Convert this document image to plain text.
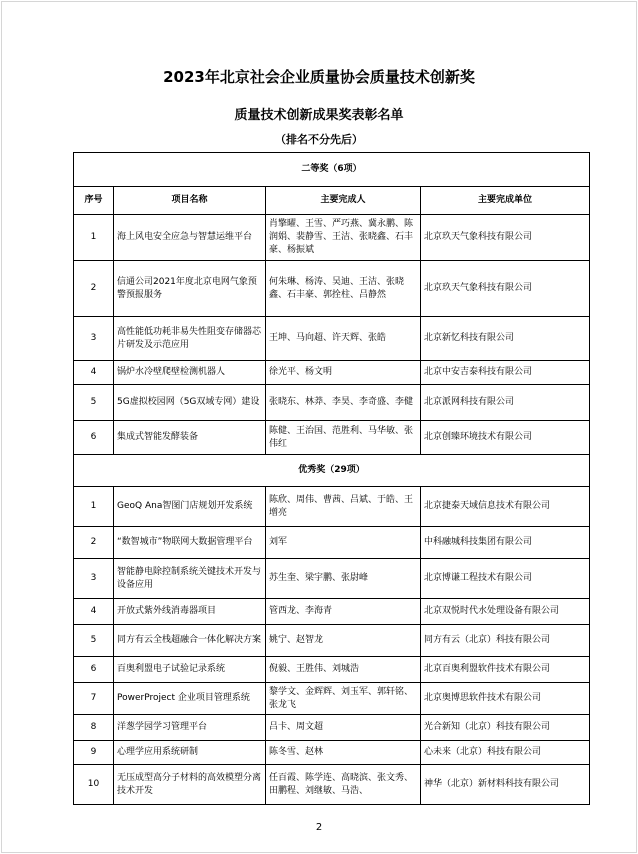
2023年北京社会企业质量协会质量技术创新奖
质量技术创新成果奖表彰名单
（排名不分先后）
二等奖（6项）			
序号	项目名称	主要完成人	主要完成单位
1	海上风电安全应急与智慧运维平台	肖擎曜、王雪、严巧燕、冀永鹏、陈润娟、裴静雪、王洁、张晓鑫、石丰豪、杨振斌	北京玖天气象科技有限公司
2	信通公司2021年度北京电网气象预警预报服务	何朱琳、杨涛、吴迪、王洁、张晓鑫、石丰豪、郭拴柱、吕静然	北京玖天气象科技有限公司
3	高性能低功耗非易失性阻变存储器芯片研发及示范应用	王坤、马向超、许天辉、张皓	北京新忆科技有限公司
4	锅炉水冷壁爬壁检测机器人	徐光平、杨文明	北京中安吉泰科技有限公司
5	5G虚拟校园网（5G双域专网）建设	张晓东、林莽、李昊、李奇盛、李健	北京派网科技有限公司
6	集成式智能发酵装备	陈健、王治国、范胜利、马华敏、张伟红	北京创臻环境技术有限公司
优秀奖（29项）			
1	GeoQ Ana智图门店规划开发系统	陈欣、周伟、曹茜、吕斌、于皓、王增亮	北京捷泰天域信息技术有限公司
2	“数智城市”物联网大数据管理平台	刘军	中科融城科技集团有限公司
3	智能静电除控制系统关键技术开发与设备应用	苏生奎、梁宇鹏、张尉峰	北京博谦工程技术有限公司
4	开放式紫外线消毒器项目	管西龙、李海青	北京双悦时代水处理设备有限公司
5	同方有云全栈超融合一体化解决方案	姚宁、赵智龙	同方有云（北京）科技有限公司
6	百奥利盟电子试验记录系统	倪毅、王胜伟、刘城浩	北京百奥利盟软件技术有限公司
7	PowerProject 企业项目管理系统	黎学文、金辉辉、刘玉军、郭轩铭、张龙飞	北京奥博思软件技术有限公司
8	洋葱学园学习管理平台	吕卡、周文超	光合新知（北京）科技有限公司
9	心理学应用系统研制	陈冬雪、赵林	心未来（北京）科技有限公司
10	无压成型高分子材料的高效模塑分离技术开发	任百霞、陈学连、高晓滨、张文秀、田鹏程、刘继敏、马浩、	神华（北京）新材料科技有限公司
2
